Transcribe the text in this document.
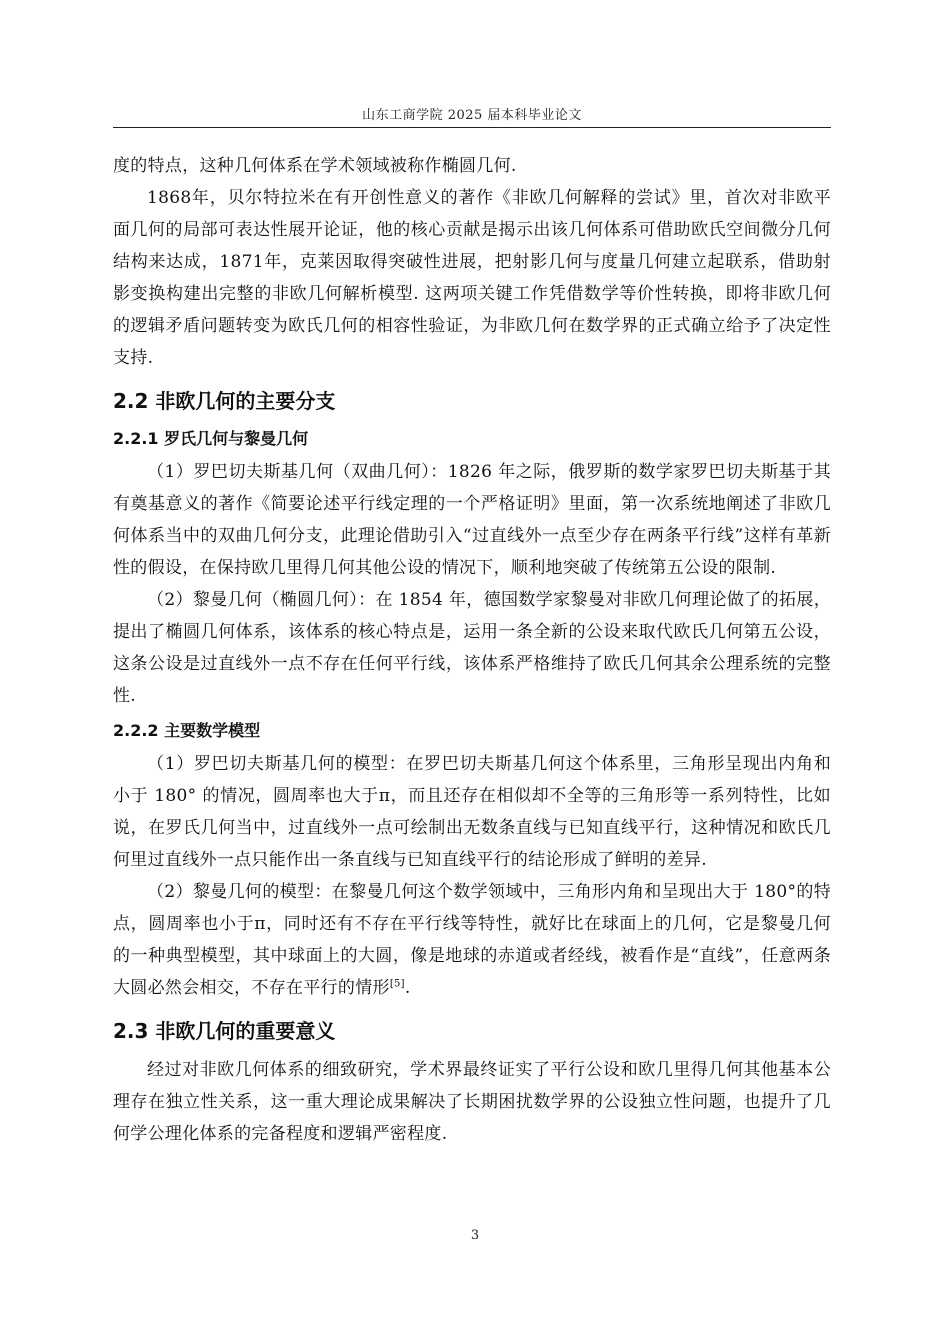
山东工商学院 2025 届本科毕业论文

度的特点，这种几何体系在学术领域被称作椭圆几何.

1868年，贝尔特拉米在有开创性意义的著作《非欧几何解释的尝试》里，首次对非欧平面几何的局部可表达性展开论证，他的核心贡献是揭示出该几何体系可借助欧氏空间微分几何结构来达成，1871年，克莱因取得突破性进展，把射影几何与度量几何建立起联系，借助射影变换构建出完整的非欧几何解析模型. 这两项关键工作凭借数学等价性转换，即将非欧几何的逻辑矛盾问题转变为欧氏几何的相容性验证，为非欧几何在数学界的正式确立给予了决定性支持.

2.2 非欧几何的主要分支
2.2.1 罗氏几何与黎曼几何

（1）罗巴切夫斯基几何（双曲几何）：1826 年之际，俄罗斯的数学家罗巴切夫斯基于其有奠基意义的著作《简要论述平行线定理的一个严格证明》里面，第一次系统地阐述了非欧几何体系当中的双曲几何分支，此理论借助引入“过直线外一点至少存在两条平行线”这样有革新性的假设，在保持欧几里得几何其他公设的情况下，顺利地突破了传统第五公设的限制.

（2）黎曼几何（椭圆几何）：在 1854 年，德国数学家黎曼对非欧几何理论做了的拓展，提出了椭圆几何体系，该体系的核心特点是，运用一条全新的公设来取代欧氏几何第五公设，这条公设是过直线外一点不存在任何平行线，该体系严格维持了欧氏几何其余公理系统的完整性.

2.2.2 主要数学模型

（1）罗巴切夫斯基几何的模型：在罗巴切夫斯基几何这个体系里，三角形呈现出内角和小于 180° 的情况，圆周率也大于π，而且还存在相似却不全等的三角形等一系列特性，比如说，在罗氏几何当中，过直线外一点可绘制出无数条直线与已知直线平行，这种情况和欧氏几何里过直线外一点只能作出一条直线与已知直线平行的结论形成了鲜明的差异.

（2）黎曼几何的模型：在黎曼几何这个数学领域中，三角形内角和呈现出大于 180°的特点，圆周率也小于π，同时还有不存在平行线等特性，就好比在球面上的几何，它是黎曼几何的一种典型模型，其中球面上的大圆，像是地球的赤道或者经线，被看作是“直线”，任意两条大圆必然会相交，不存在平行的情形[5].

2.3 非欧几何的重要意义

经过对非欧几何体系的细致研究，学术界最终证实了平行公设和欧几里得几何其他基本公理存在独立性关系，这一重大理论成果解决了长期困扰数学界的公设独立性问题，也提升了几何学公理化体系的完备程度和逻辑严密程度.

3
